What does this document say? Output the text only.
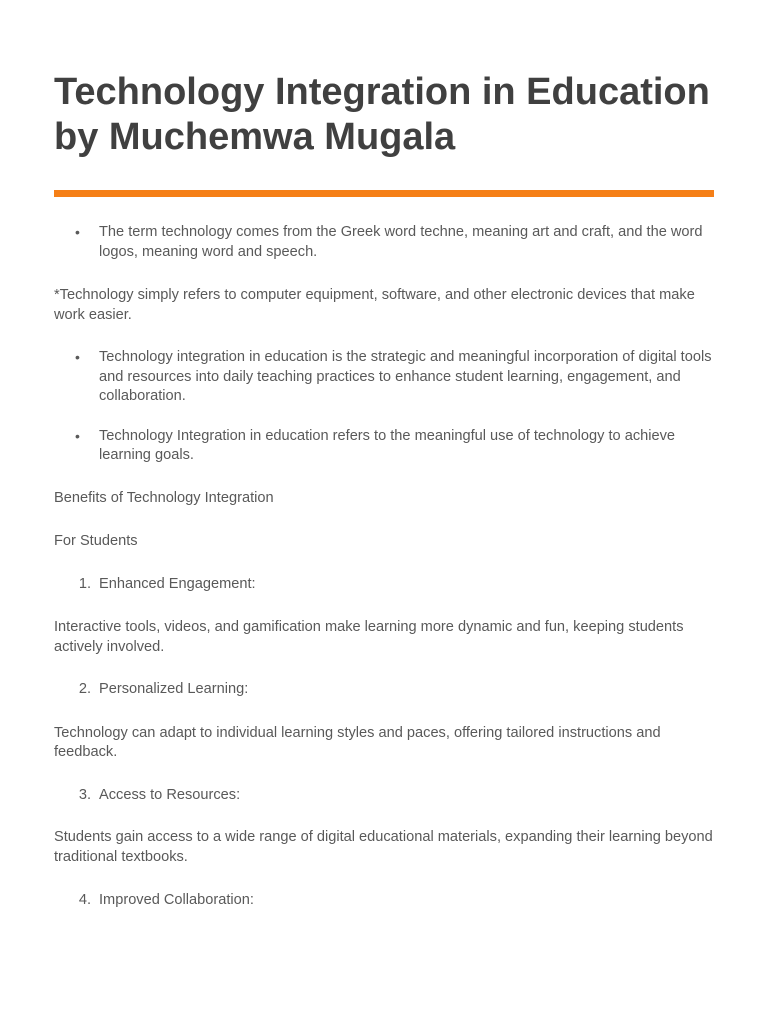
Technology Integration in Education by Muchemwa Mugala
• The term technology comes from the Greek word techne, meaning art and craft, and the word logos, meaning word and speech.
*Technology simply refers to computer equipment, software, and other electronic devices that make work easier.
• Technology integration in education is the strategic and meaningful incorporation of digital tools and resources into daily teaching practices to enhance student learning, engagement, and collaboration.
• Technology Integration in education refers to the meaningful use of technology to achieve learning goals.
Benefits of Technology Integration
For Students
1. Enhanced Engagement:
Interactive tools, videos, and gamification make learning more dynamic and fun, keeping students actively involved.
2. Personalized Learning:
Technology can adapt to individual learning styles and paces, offering tailored instructions and feedback.
3. Access to Resources:
Students gain access to a wide range of digital educational materials, expanding their learning beyond traditional textbooks.
4. Improved Collaboration:
